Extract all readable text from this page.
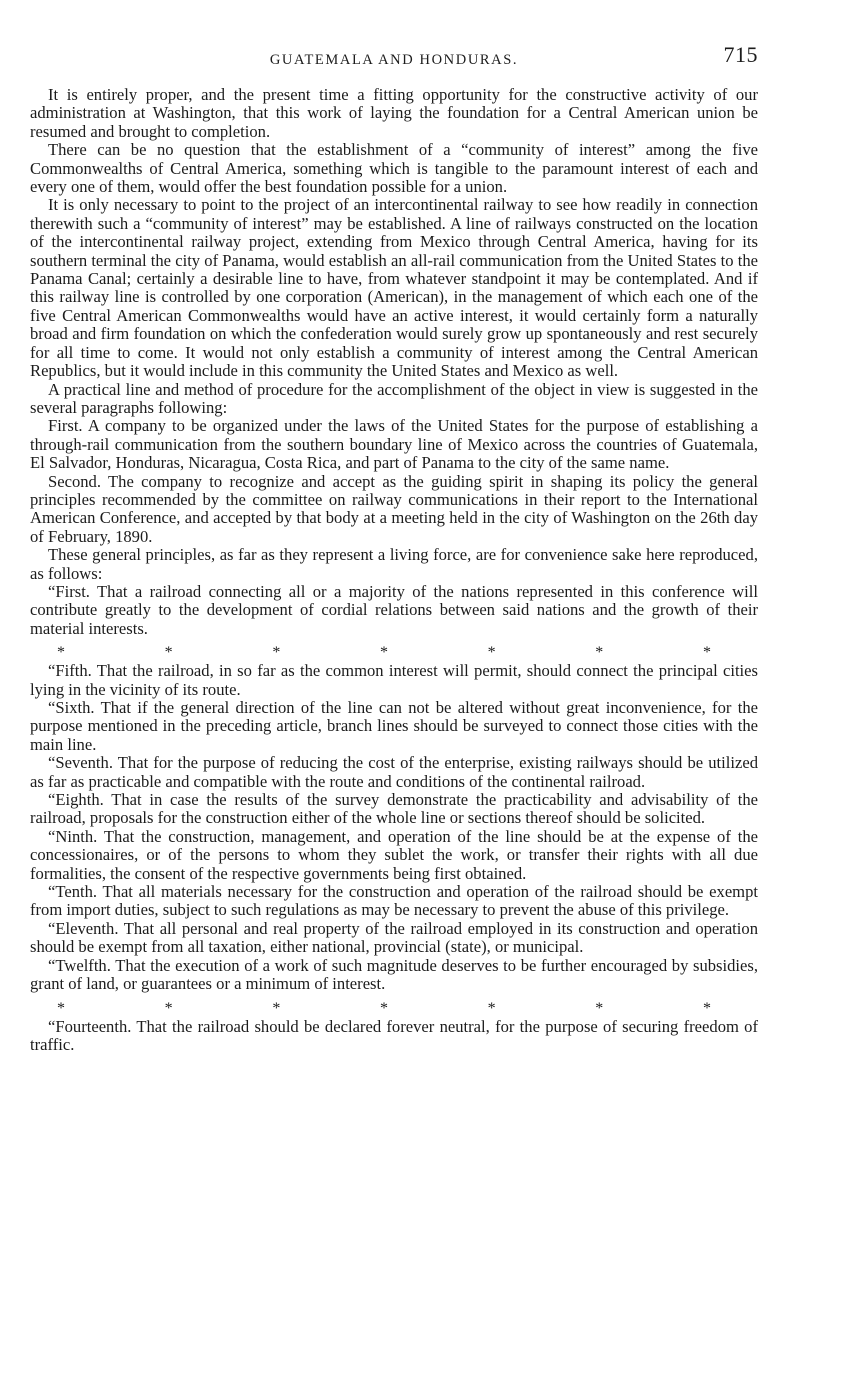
GUATEMALA AND HONDURAS.	715

It is entirely proper, and the present time a fitting opportunity for the constructive activity of our administration at Washington, that this work of laying the foundation for a Central American union be resumed and brought to completion.

There can be no question that the establishment of a “community of interest” among the five Commonwealths of Central America, something which is tangible to the paramount interest of each and every one of them, would offer the best foundation possible for a union.

It is only necessary to point to the project of an intercontinental railway to see how readily in connection therewith such a “community of interest” may be established. A line of railways constructed on the location of the intercontinental railway project, extending from Mexico through Central America, having for its southern terminal the city of Panama, would establish an all-rail communication from the United States to the Panama Canal; certainly a desirable line to have, from whatever standpoint it may be contemplated. And if this railway line is controlled by one corporation (American), in the management of which each one of the five Central American Commonwealths would have an active interest, it would certainly form a naturally broad and firm foundation on which the confederation would surely grow up spontaneously and rest securely for all time to come. It would not only establish a community of interest among the Central American Republics, but it would include in this community the United States and Mexico as well.

A practical line and method of procedure for the accomplishment of the object in view is suggested in the several paragraphs following:

First. A company to be organized under the laws of the United States for the purpose of establishing a through-rail communication from the southern boundary line of Mexico across the countries of Guatemala, El Salvador, Honduras, Nicaragua, Costa Rica, and part of Panama to the city of the same name.

Second. The company to recognize and accept as the guiding spirit in shaping its policy the general principles recommended by the committee on railway communications in their report to the International American Conference, and accepted by that body at a meeting held in the city of Washington on the 26th day of February, 1890.

These general principles, as far as they represent a living force, are for convenience sake here reproduced, as follows:

“First. That a railroad connecting all or a majority of the nations represented in this conference will contribute greatly to the development of cordial relations between said nations and the growth of their material interests.

*	*	*	*	*	*	*

“Fifth. That the railroad, in so far as the common interest will permit, should connect the principal cities lying in the vicinity of its route.

“Sixth. That if the general direction of the line can not be altered without great inconvenience, for the purpose mentioned in the preceding article, branch lines should be surveyed to connect those cities with the main line.

“Seventh. That for the purpose of reducing the cost of the enterprise, existing railways should be utilized as far as practicable and compatible with the route and conditions of the continental railroad.

“Eighth. That in case the results of the survey demonstrate the practicability and advisability of the railroad, proposals for the construction either of the whole line or sections thereof should be solicited.

“Ninth. That the construction, management, and operation of the line should be at the expense of the concessionaires, or of the persons to whom they sublet the work, or transfer their rights with all due formalities, the consent of the respective governments being first obtained.

“Tenth. That all materials necessary for the construction and operation of the railroad should be exempt from import duties, subject to such regulations as may be necessary to prevent the abuse of this privilege.

“Eleventh. That all personal and real property of the railroad employed in its construction and operation should be exempt from all taxation, either national, provincial (state), or municipal.

“Twelfth. That the execution of a work of such magnitude deserves to be further encouraged by subsidies, grant of land, or guarantees or a minimum of interest.

*	*	*	*	*	*	*

“Fourteenth. That the railroad should be declared forever neutral, for the purpose of securing freedom of traffic.
